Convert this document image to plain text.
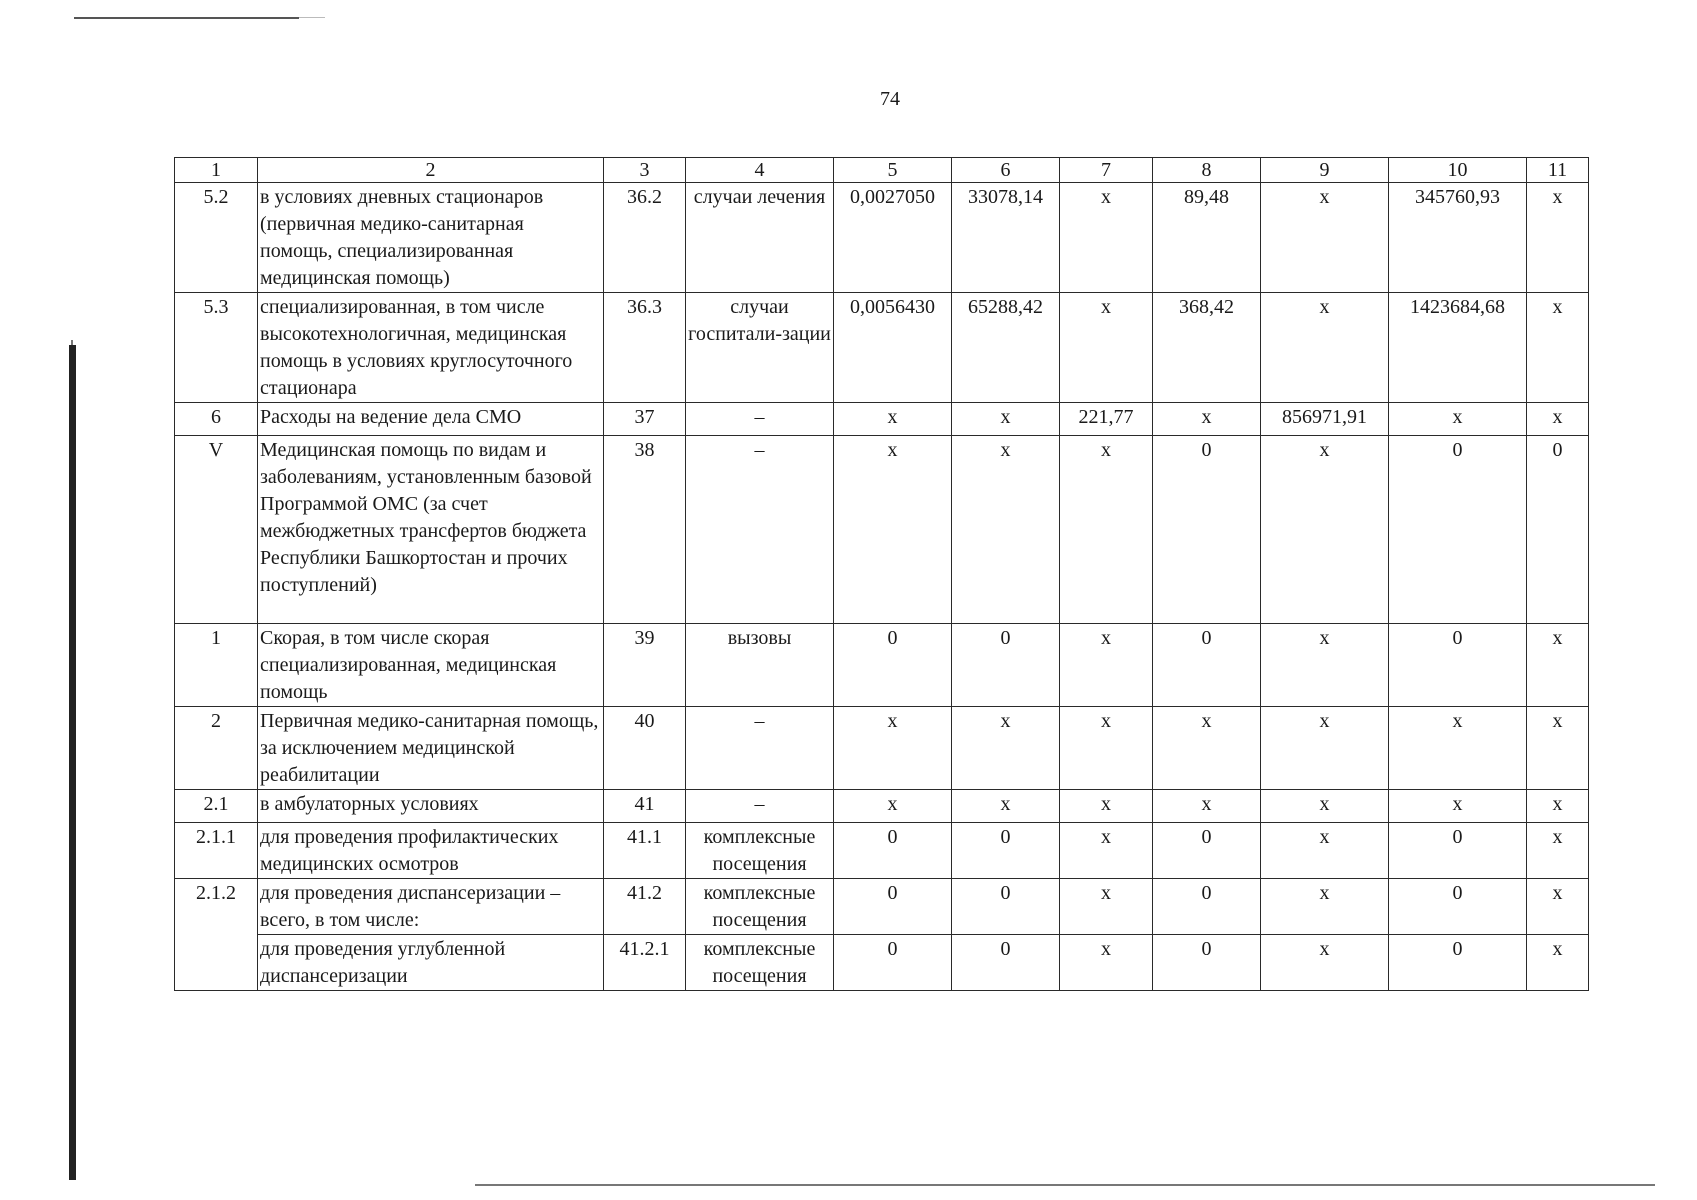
74
1	2	3	4	5	6	7	8	9	10	11
5.2	в условиях дневных стационаров (первичная медико-санитарная помощь, специализированная медицинская помощь)	36.2	случаи лечения	0,0027050	33078,14	х	89,48	х	345760,93	х
5.3	специализированная, в том числе высокотехнологичная, медицинская помощь в условиях круглосуточного стационара	36.3	случаи госпитали-зации	0,0056430	65288,42	х	368,42	х	1423684,68	х
6	Расходы на ведение дела СМО	37	–	х	х	221,77	х	856971,91	х	х
V	Медицинская помощь по видам и заболеваниям, установленным базовой Программой ОМС (за счет межбюджетных трансфертов бюджета Республики Башкортостан и прочих поступлений)	38	–	х	х	х	0	х	0	0
1	Скорая, в том числе скорая специализированная, медицинская помощь	39	вызовы	0	0	х	0	х	0	х
2	Первичная медико-санитарная помощь, за исключением медицинской реабилитации	40	–	х	х	х	х	х	х	х
2.1	в амбулаторных условиях	41	–	х	х	х	х	х	х	х
2.1.1	для проведения профилактических медицинских осмотров	41.1	комплексные посещения	0	0	х	0	х	0	х
2.1.2	для проведения диспансеризации – всего, в том числе:	41.2	комплексные посещения	0	0	х	0	х	0	х
	для проведения углубленной диспансеризации	41.2.1	комплексные посещения	0	0	х	0	х	0	х
